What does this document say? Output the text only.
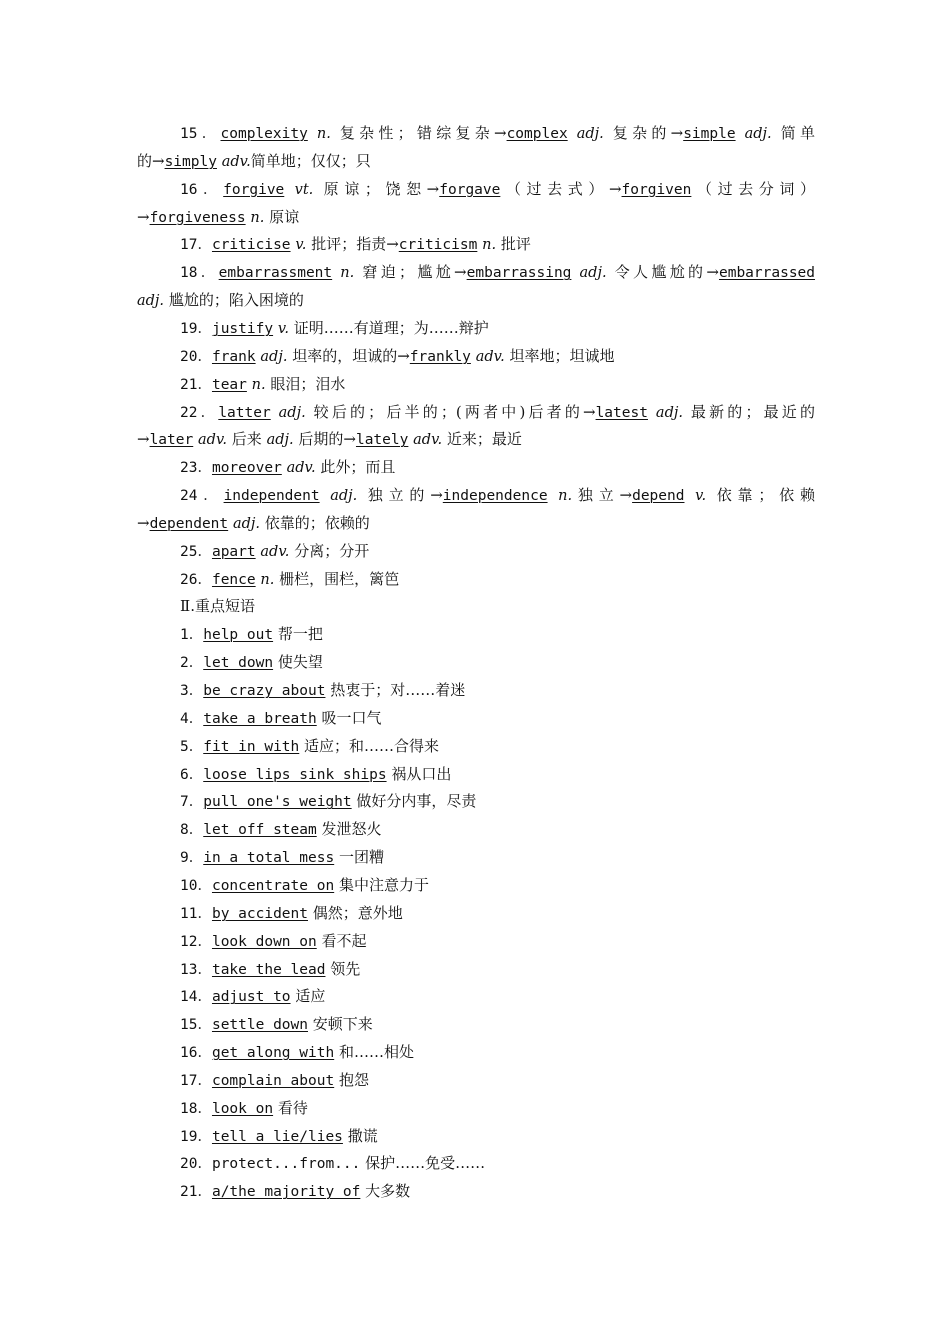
15．complexity n. 复杂性；错综复杂→complex adj. 复杂的→simple adj. 简单
的→simply adv.简单地；仅仅；只
16．forgive vt. 原谅；饶恕→forgave（过去式）→forgiven（过去分词）
→forgiveness n. 原谅
17．criticise v. 批评；指责→criticism n. 批评
18．embarrassment n. 窘迫；尴尬→embarrassing adj. 令人尴尬的→embarrassed
adj. 尴尬的；陷入困境的
19．justify v. 证明……有道理；为……辩护
20．frank adj. 坦率的，坦诚的→frankly adv. 坦率地；坦诚地
21．tear n. 眼泪；泪水
22．latter adj. 较后的；后半的；(两者中)后者的→latest adj. 最新的；最近的
→later adv. 后来 adj. 后期的→lately adv. 近来；最近
23．moreover adv. 此外；而且
24．independent adj. 独立的→independence n.独立→depend v. 依靠；依赖
→dependent adj. 依靠的；依赖的
25．apart adv. 分离；分开
26．fence n. 栅栏，围栏，篱笆
Ⅱ.重点短语
1．help out 帮一把
2．let down 使失望
3．be crazy about 热衷于；对……着迷
4．take a breath 吸一口气
5．fit in with 适应；和……合得来
6．loose lips sink ships 祸从口出
7．pull one's weight 做好分内事，尽责
8．let off steam 发泄怒火
9．in a total mess 一团糟
10．concentrate on 集中注意力于
11．by accident 偶然；意外地
12．look down on 看不起
13．take the lead 领先
14．adjust to 适应
15．settle down 安顿下来
16．get along with 和……相处
17．complain about 抱怨
18．look on 看待
19．tell a lie/lies 撒谎
20．protect...from... 保护……免受……
21．a/the majority of 大多数
